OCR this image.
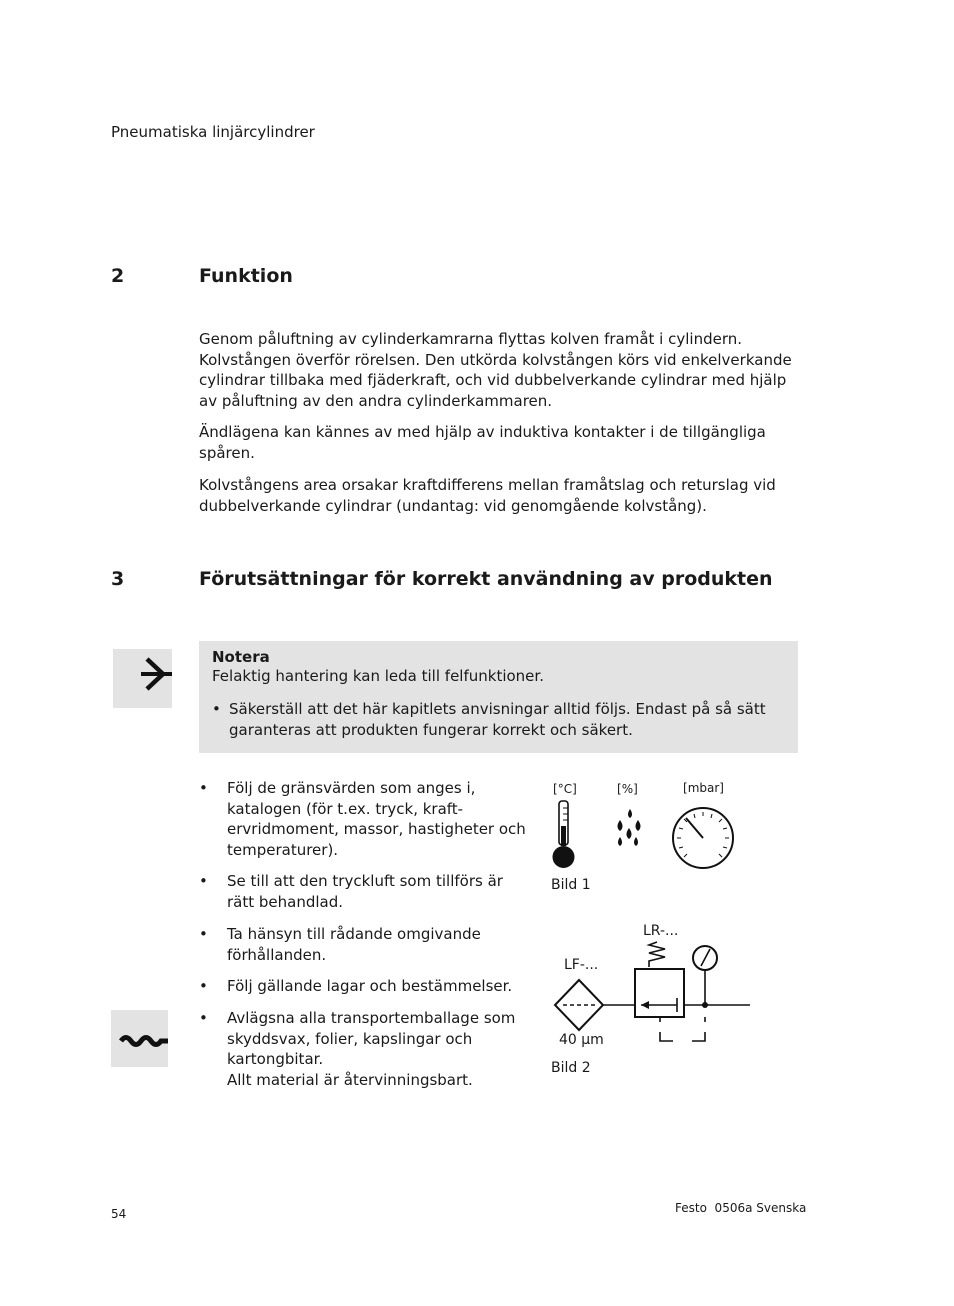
Pneumatiska linjärcylindrer
2	Funktion

Genom påluftning av cylinderkamrarna flyttas kolven framåt i cylindern. Kolvstången överför rörelsen. Den utkörda kolvstången körs vid enkelverkande cylindrar tillbaka med fjäderkraft, och vid dubbelverkande cylindrar med hjälp av påluftning av den andra cylinderkammaren.

Ändlägena kan kännes av med hjälp av induktiva kontakter i de tillgängliga spåren.

Kolvstångens area orsakar kraftdifferens mellan framåtslag och returslag vid dubbelverkande cylindrar (undantag: vid genomgående kolvstång).

3	Förutsättningar för korrekt användning av produkten
Notera
Felaktig hantering kan leda till felfunktioner.
• Säkerställ att det här kapitlets anvisningar alltid följs. Endast på så sätt garanteras att produkten fungerar korrekt och säkert.
• Följ de gränsvärden som anges i, katalogen (för t.ex. tryck, kraft-ervridmoment, massor, hastigheter och temperaturer).
• Se till att den tryckluft som tillförs är rätt behandlad.
• Ta hänsyn till rådande omgivande förhållanden.
• Följ gällande lagar och bestämmelser.
• Avlägsna alla transportemballage som skyddsvax, folier, kapslingar och kartongbitar.
Allt material är återvinningsbart.
[°C]	[%]	[mbar]
Bild 1
LR-...
LF-...
40 µm
Bild 2
54	Festo  0506a Svenska
